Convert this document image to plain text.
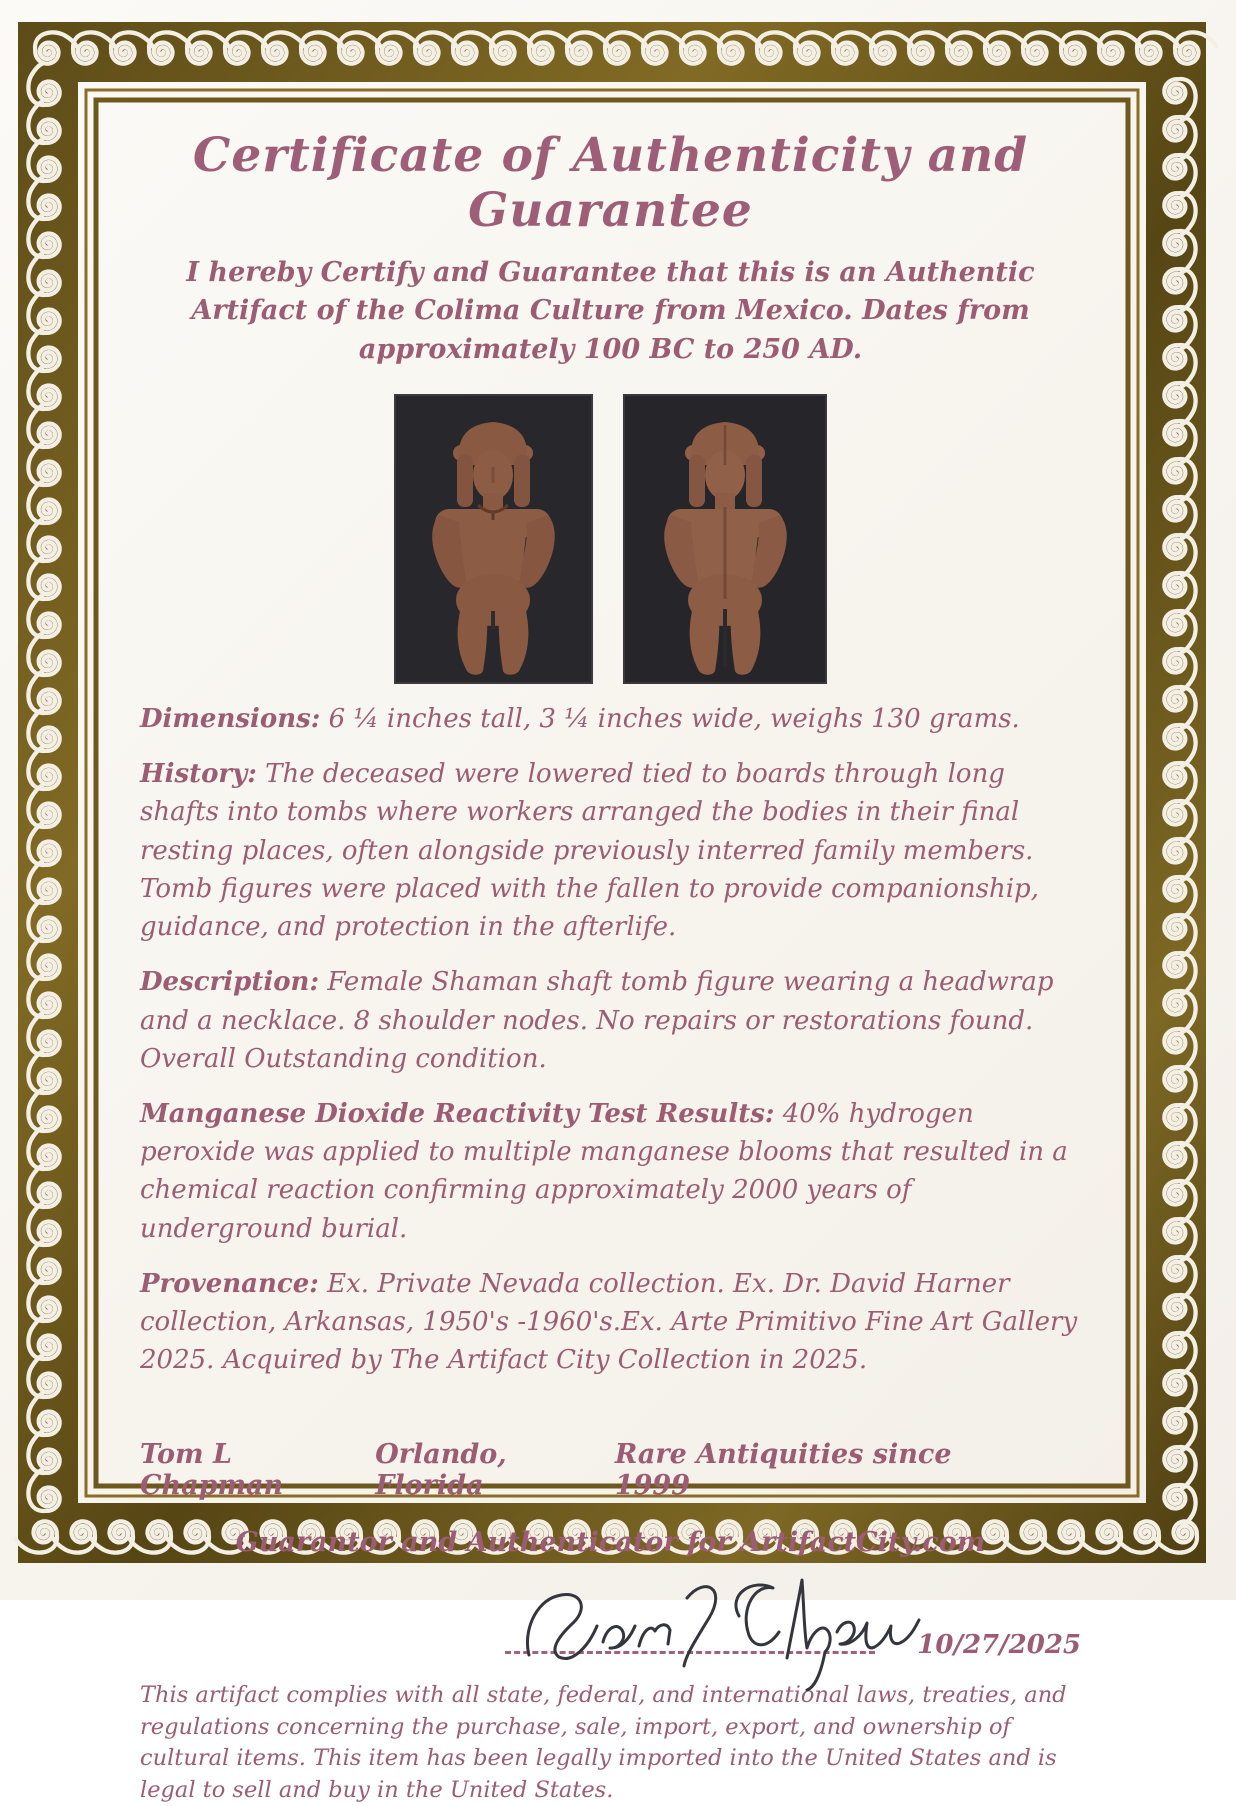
Certificate of Authenticity and Guarantee

I hereby Certify and Guarantee that this is an Authentic Artifact of the Colima Culture from Mexico. Dates from approximately 100 BC to 250 AD.

Dimensions: 6 ¼ inches tall, 3 ¼ inches wide, weighs 130 grams.

History: The deceased were lowered tied to boards through long shafts into tombs where workers arranged the bodies in their final resting places, often alongside previously interred family members. Tomb figures were placed with the fallen to provide companionship, guidance, and protection in the afterlife.

Description: Female Shaman shaft tomb figure wearing a headwrap and a necklace. 8 shoulder nodes. No repairs or restorations found. Overall Outstanding condition.

Manganese Dioxide Reactivity Test Results: 40% hydrogen peroxide was applied to multiple manganese blooms that resulted in a chemical reaction confirming approximately 2000 years of underground burial.

Provenance: Ex. Private Nevada collection. Ex. Dr. David Harner collection, Arkansas, 1950's -1960's.Ex. Arte Primitivo Fine Art Gallery 2025. Acquired by The Artifact City Collection in 2025.

Tom L Chapman
Orlando, Florida
Rare Antiquities since 1999

Guarantor and Authenticator for ArtifactCity.com

10/27/2025

This artifact complies with all state, federal, and international laws, treaties, and regulations concerning the purchase, sale, import, export, and ownership of cultural items. This item has been legally imported into the United States and is legal to sell and buy in the United States.
